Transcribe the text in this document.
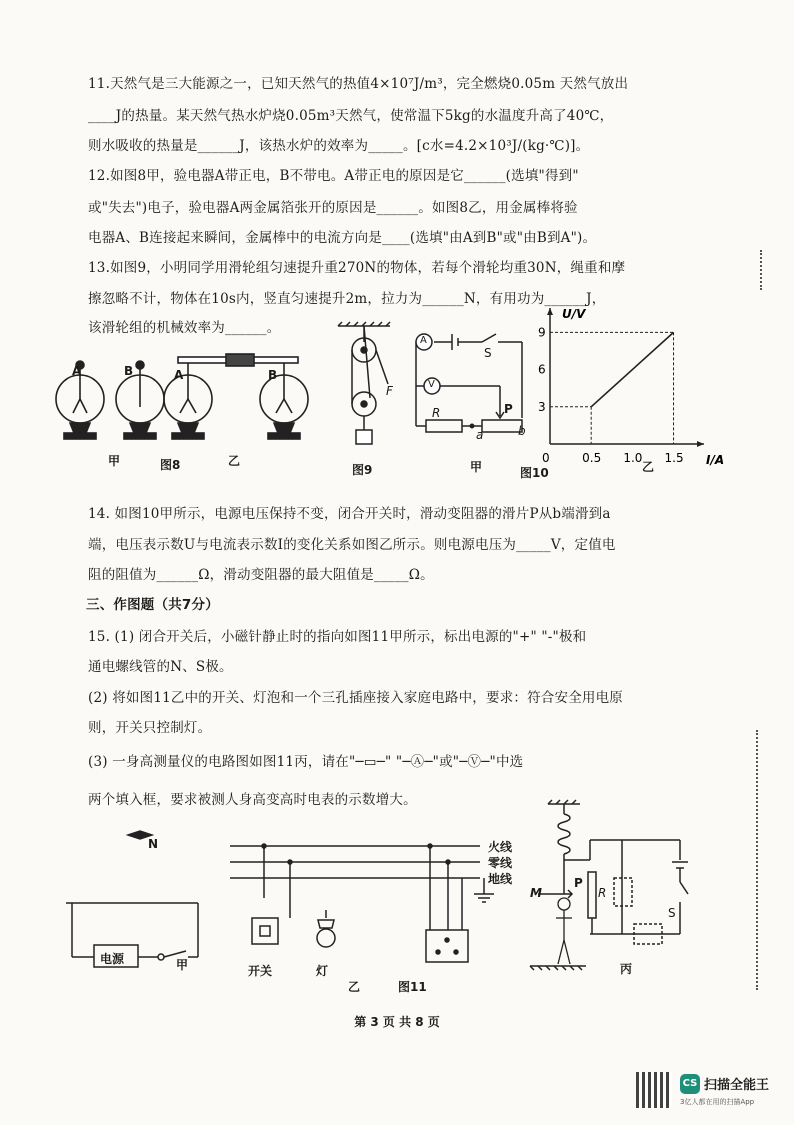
11.天然气是三大能源之一，已知天然气的热值4×10⁷J/m³，完全燃烧0.05m 天然气放出
____J的热量。某天然气热水炉烧0.05m³天然气，使常温下5kg的水温度升高了40℃，
则水吸收的热量是______J，该热水炉的效率为_____。[c水=4.2×10³J/(kg·℃)]。
12.如图8甲，验电器A带正电，B不带电。A带正电的原因是它______(选填"得到"
或"失去")电子，验电器A两金属箔张开的原因是______。如图8乙，用金属棒将验
电器A、B连接起来瞬间，金属棒中的电流方向是____(选填"由A到B"或"由B到A")。
13.如图9，小明同学用滑轮组匀速提升重270N的物体，若每个滑轮均重30N，绳重和摩
擦忽略不计，物体在10s内，竖直匀速提升2m，拉力为______N，有用功为______J，
该滑轮组的机械效率为______。
A	B	A	B
甲	图8	乙
F
图9
A
V
S
R	P
a	b
甲	图10
U/V
I/A
0	0.5 1.0 1.5
3
6
9
乙
14. 如图10甲所示，电源电压保持不变，闭合开关时，滑动变阻器的滑片P从b端滑到a
端，电压表示数U与电流表示数I的变化关系如图乙所示。则电源电压为_____V，定值电
阻的阻值为______Ω，滑动变阻器的最大阻值是_____Ω。
三、作图题（共7分）
15. (1) 闭合开关后，小磁针静止时的指向如图11甲所示，标出电源的"+" "-"极和
通电螺线管的N、S极。
(2) 将如图11乙中的开关、灯泡和一个三孔插座接入家庭电路中，要求：符合安全用电原
则，开关只控制灯。
(3) 一身高测量仪的电路图如图11丙，请在"─▭─" "─Ⓐ─"或"─Ⓥ─"中选
两个填入框，要求被测人身高变高时电表的示数增大。
N
电源	甲
火线
零线
地线
开关	灯
乙	图11
M
P
R
S
丙
第 3 页 共 8 页
CS 扫描全能王
3亿人都在用的扫描App
